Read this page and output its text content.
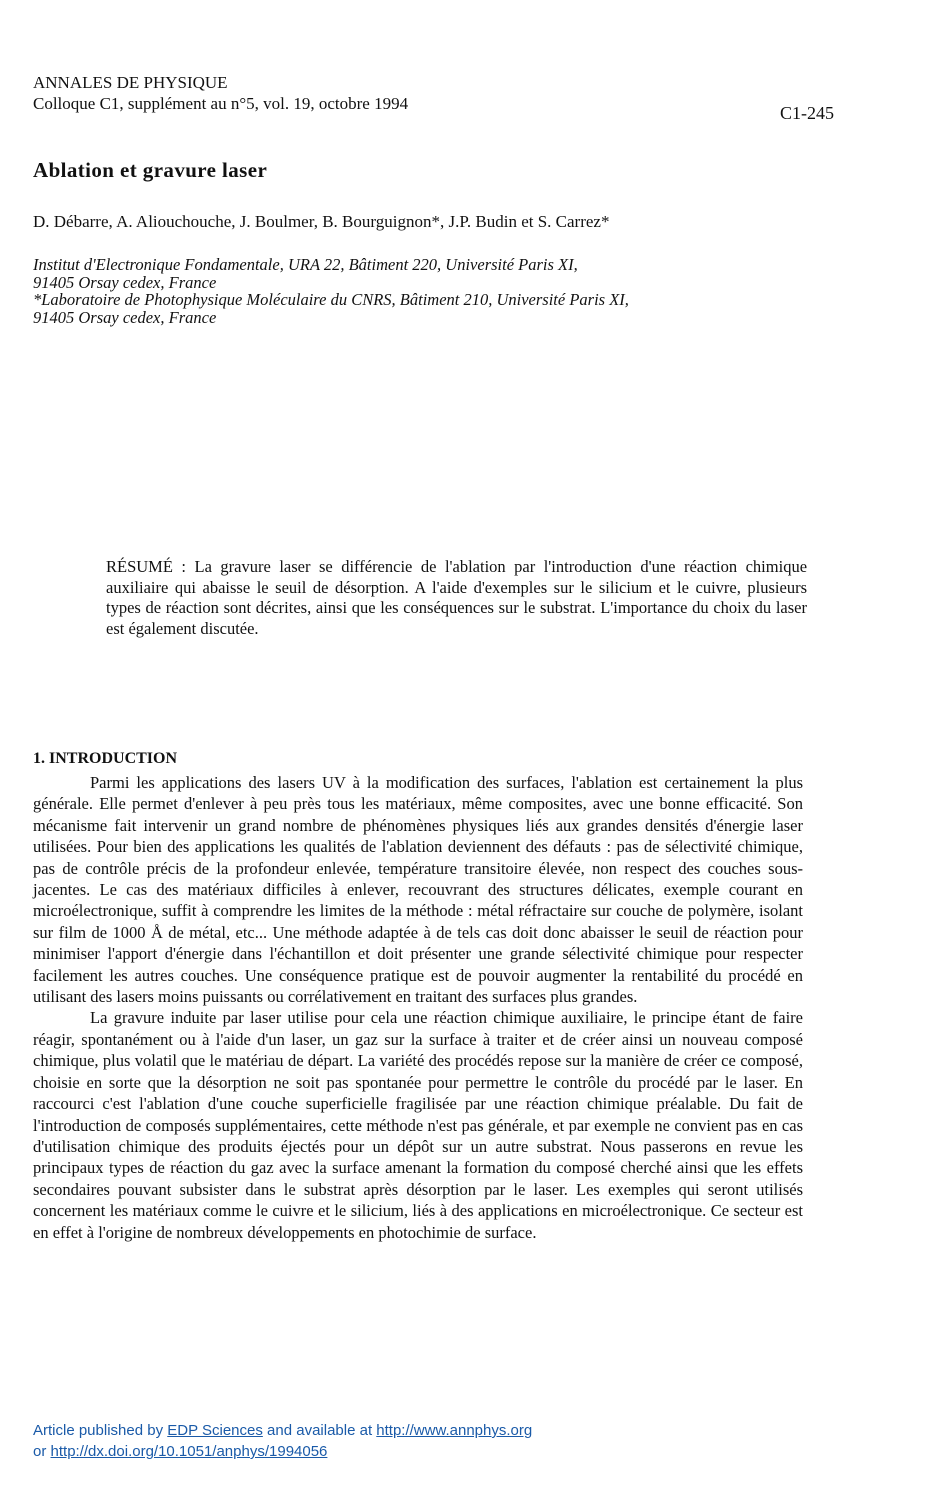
ANNALES DE PHYSIQUE
Colloque C1, supplément au n°5, vol. 19, octobre 1994	C1-245
Ablation et gravure laser
D. Débarre, A. Aliouchouche, J. Boulmer, B. Bourguignon*, J.P. Budin et S. Carrez*
Institut d'Electronique Fondamentale, URA 22, Bâtiment 220, Université Paris XI,
91405 Orsay cedex, France
*Laboratoire de Photophysique Moléculaire du CNRS, Bâtiment 210, Université Paris XI,
91405 Orsay cedex, France
RÉSUMÉ : La gravure laser se différencie de l'ablation par l'introduction d'une réaction chimique auxiliaire qui abaisse le seuil de désorption. A l'aide d'exemples sur le silicium et le cuivre, plusieurs types de réaction sont décrites, ainsi que les conséquences sur le substrat. L'importance du choix du laser est également discutée.
1. INTRODUCTION

Parmi les applications des lasers UV à la modification des surfaces, l'ablation est certainement la plus générale. Elle permet d'enlever à peu près tous les matériaux, même composites, avec une bonne efficacité. Son mécanisme fait intervenir un grand nombre de phénomènes physiques liés aux grandes densités d'énergie laser utilisées. Pour bien des applications les qualités de l'ablation deviennent des défauts : pas de sélectivité chimique, pas de contrôle précis de la profondeur enlevée, température transitoire élevée, non respect des couches sous-jacentes. Le cas des matériaux difficiles à enlever, recouvrant des structures délicates, exemple courant en microélectronique, suffit à comprendre les limites de la méthode : métal réfractaire sur couche de polymère, isolant sur film de 1000 Å de métal, etc... Une méthode adaptée à de tels cas doit donc abaisser le seuil de réaction pour minimiser l'apport d'énergie dans l'échantillon et doit présenter une grande sélectivité chimique pour respecter facilement les autres couches. Une conséquence pratique est de pouvoir augmenter la rentabilité du procédé en utilisant des lasers moins puissants ou corrélativement en traitant des surfaces plus grandes.

La gravure induite par laser utilise pour cela une réaction chimique auxiliaire, le principe étant de faire réagir, spontanément ou à l'aide d'un laser, un gaz sur la surface à traiter et de créer ainsi un nouveau composé chimique, plus volatil que le matériau de départ. La variété des procédés repose sur la manière de créer ce composé, choisie en sorte que la désorption ne soit pas spontanée pour permettre le contrôle du procédé par le laser. En raccourci c'est l'ablation d'une couche superficielle fragilisée par une réaction chimique préalable. Du fait de l'introduction de composés supplémentaires, cette méthode n'est pas générale, et par exemple ne convient pas en cas d'utilisation chimique des produits éjectés pour un dépôt sur un autre substrat. Nous passerons en revue les principaux types de réaction du gaz avec la surface amenant la formation du composé cherché ainsi que les effets secondaires pouvant subsister dans le substrat après désorption par le laser. Les exemples qui seront utilisés concernent les matériaux comme le cuivre et le silicium, liés à des applications en microélectronique. Ce secteur est en effet à l'origine de nombreux développements en photochimie de surface.

Article published by EDP Sciences and available at http://www.annphys.org
or http://dx.doi.org/10.1051/anphys/1994056
